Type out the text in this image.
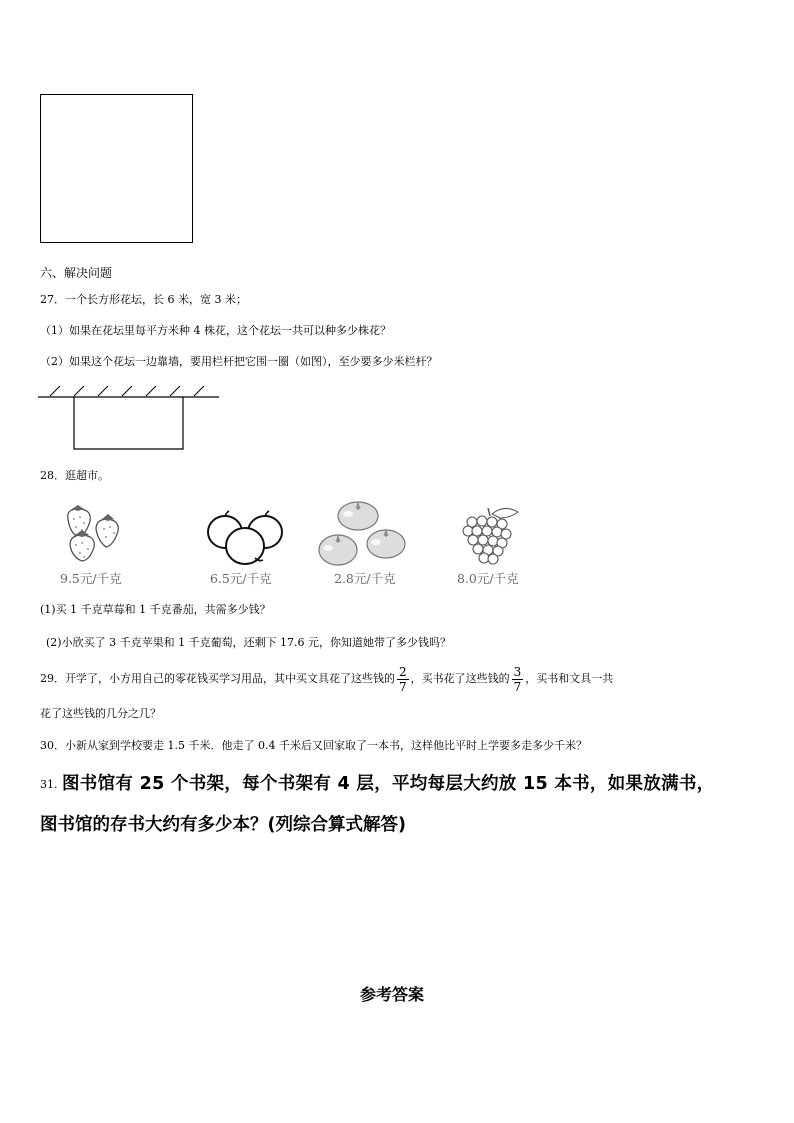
六、解决问题
27．一个长方形花坛，长 6 米，宽 3 米；
（1）如果在花坛里每平方米种 4 株花，这个花坛一共可以种多少株花？
（2）如果这个花坛一边靠墙，要用栏杆把它围一圈（如图），至少要多少米栏杆？
28．逛超市。
9.5元/千克	6.5元/千克	2.8元/千克	8.0元/千克
(1)买 1 千克草莓和 1 千克番茄，共需多少钱？
(2)小欣买了 3 千克苹果和 1 千克葡萄，还剩下 17.6 元，你知道她带了多少钱吗？
29．开学了，小方用自己的零花钱买学习用品，其中买文具花了这些钱的 $\frac{2}{7}$ ，买书花了这些钱的 $\frac{3}{7}$ ，买书和文具一共
花了这些钱的几分之几？
30．小新从家到学校要走 1.5 千米．他走了 0.4 千米后又回家取了一本书，这样他比平时上学要多走多少千米？
31. 图书馆有 25 个书架，每个书架有 4 层，平均每层大约放 15 本书，如果放满书，
图书馆的存书大约有多少本？(列综合算式解答)
参考答案
